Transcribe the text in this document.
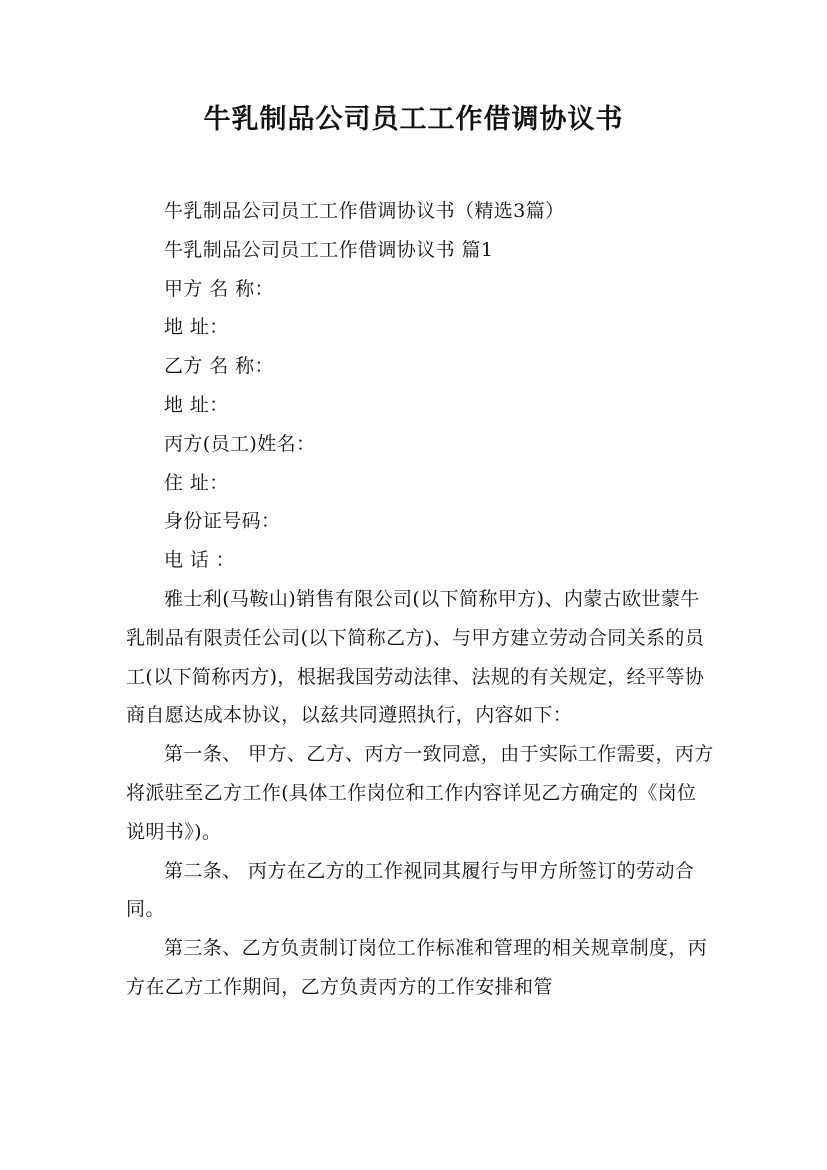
牛乳制品公司员工工作借调协议书

牛乳制品公司员工工作借调协议书（精选3篇）

牛乳制品公司员工工作借调协议书 篇1

甲方 名 称：

地 址：

乙方 名 称：

地 址：

丙方(员工)姓名：

住 址：

身份证号码：

电 话 ：

雅士利(马鞍山)销售有限公司(以下简称甲方)、内蒙古欧世蒙牛乳制品有限责任公司(以下简称乙方)、与甲方建立劳动合同关系的员工(以下简称丙方)，根据我国劳动法律、法规的有关规定，经平等协商自愿达成本协议，以兹共同遵照执行，内容如下：

第一条、 甲方、乙方、丙方一致同意，由于实际工作需要，丙方将派驻至乙方工作(具体工作岗位和工作内容详见乙方确定的《岗位说明书》)。

第二条、 丙方在乙方的工作视同其履行与甲方所签订的劳动合同。

第三条、乙方负责制订岗位工作标准和管理的相关规章制度，丙方在乙方工作期间，乙方负责丙方的工作安排和管
